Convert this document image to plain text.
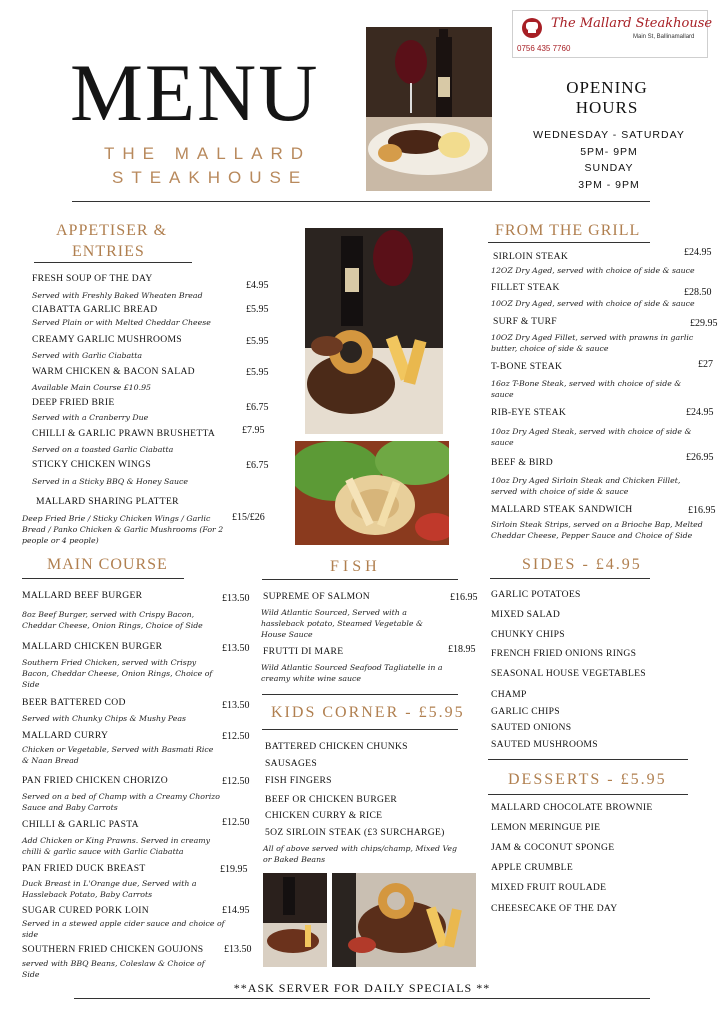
MENU
THE MALLARD
STEAKHOUSE
The Mallard Steakhouse
Main St, Ballinamallard
0756 435 7760
OPENING
HOURS
WEDNESDAY - SATURDAY
5PM- 9PM
SUNDAY
3PM - 9PM
APPETISER &
ENTRIES
FRESH SOUP OF THE DAY
Served with Freshly Baked Wheaten Bread
£4.95
CIABATTA GARLIC BREAD
Served Plain or with Melted Cheddar Cheese
£5.95
CREAMY GARLIC MUSHROOMS
Served with Garlic Ciabatta
£5.95
WARM CHICKEN & BACON SALAD
Available Main Course £10.95
£5.95
DEEP FRIED BRIE
Served with a Cranberry Due
£6.75
CHILLI & GARLIC PRAWN BRUSHETTA
Served on a toasted Garlic Ciabatta
£7.95
STICKY CHICKEN WINGS
Served in a Sticky BBQ & Honey Sauce
£6.75
MALLARD SHARING PLATTER
Deep Fried Brie / Sticky Chicken Wings / Garlic Bread / Panko Chicken & Garlic Mushrooms (For 2 people or 4 people)
£15/£26
FROM THE GRILL
SIRLOIN STEAK
12OZ Dry Aged, served with choice of side & sauce
£24.95
FILLET STEAK
10OZ Dry Aged, served with choice of side & sauce
£28.50
SURF & TURF
10OZ Dry Aged Fillet, served with prawns in garlic butter, choice of side & sauce
£29.95
T-BONE STEAK
16oz T-Bone Steak, served with choice of side & sauce
£27
RIB-EYE STEAK
10oz Dry Aged Steak, served with choice of side & sauce
£24.95
BEEF & BIRD
10oz Dry Aged Sirloin Steak and Chicken Fillet, served with choice of side & sauce
£26.95
MALLARD STEAK SANDWICH
Sirloin Steak Strips, served on a Brioche Bap, Melted Cheddar Cheese, Pepper Sauce and Choice of Side
£16.95
MAIN COURSE
MALLARD BEEF BURGER
8oz Beef Burger, served with Crispy Bacon, Cheddar Cheese, Onion Rings, Choice of Side
£13.50
MALLARD CHICKEN BURGER
Southern Fried Chicken, served with Crispy Bacon, Cheddar Cheese, Onion Rings, Choice of Side
£13.50
BEER BATTERED COD
Served with Chunky Chips & Mushy Peas
£13.50
MALLARD CURRY
Chicken or Vegetable, Served with Basmati Rice & Naan Bread
£12.50
PAN FRIED CHICKEN CHORIZO
Served on a bed of Champ with a Creamy Chorizo Sauce and Baby Carrots
£12.50
CHILLI & GARLIC PASTA
Add Chicken or King Prawns. Served in creamy chilli & garlic sauce with Garlic Ciabatta
£12.50
PAN FRIED DUCK BREAST
Duck Breast in L'Orange due, Served with a Hassleback Potato, Baby Carrots
£19.95
SUGAR CURED PORK LOIN
Served in a stewed apple cider sauce and choice of side
£14.95
SOUTHERN FRIED CHICKEN GOUJONS
served with BBQ Beans, Coleslaw & Choice of Side
£13.50
FISH
SUPREME OF SALMON
Wild Atlantic Sourced, Served with a hassleback potato, Steamed Vegetable & House Sauce
£16.95
FRUTTI DI MARE
Wild Atlantic Sourced Seafood Tagliatelle in a creamy white wine sauce
£18.95
KIDS CORNER - £5.95
BATTERED CHICKEN CHUNKS
SAUSAGES
FISH FINGERS
BEEF OR CHICKEN BURGER
CHICKEN CURRY & RICE
5OZ SIRLOIN STEAK (£3 SURCHARGE)
All of above served with chips/champ, Mixed Veg or Baked Beans
SIDES - £4.95
GARLIC POTATOES
MIXED SALAD
CHUNKY CHIPS
FRENCH FRIED ONIONS RINGS
SEASONAL HOUSE VEGETABLES
CHAMP
GARLIC CHIPS
SAUTED ONIONS
SAUTED MUSHROOMS
DESSERTS - £5.95
MALLARD CHOCOLATE BROWNIE
LEMON MERINGUE PIE
JAM & COCONUT SPONGE
APPLE CRUMBLE
MIXED FRUIT ROULADE
CHEESECAKE OF THE DAY
**ASK SERVER FOR DAILY SPECIALS **
